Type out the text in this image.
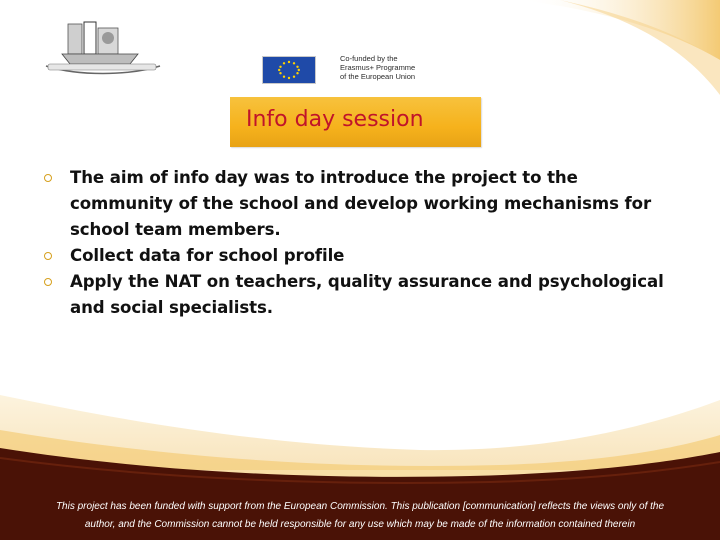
Co-funded by the
Erasmus+ Programme
of the European Union
Info day session
The aim of info day was to introduce the project to the community of the school and develop working mechanisms for school team members.
Collect data for school profile
Apply the NAT on teachers, quality assurance and psychological and social specialists.
This project has been funded with support from the European Commission. This publication [communication] reflects the views only of the
author, and the Commission cannot be held responsible for any use which may be made of the information contained therein
